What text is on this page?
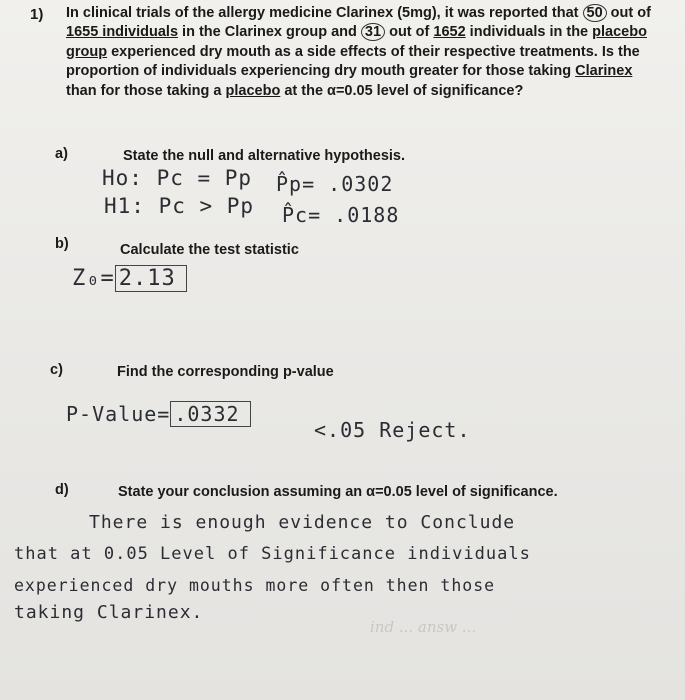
1) In clinical trials of the allergy medicine Clarinex (5mg), it was reported that 50 out of 1655 individuals in the Clarinex group and 31 out of 1652 individuals in the placebo group experienced dry mouth as a side effects of their respective treatments. Is the proportion of individuals experiencing dry mouth greater for those taking Clarinex than for those taking a placebo at the α=0.05 level of significance?
a)	State the null and alternative hypothesis.
Ho: Pc = Pp
H1: Pc > Pp
P̂p= .0302
P̂c= .0188
b)	Calculate the test statistic
Z₀= 2.13
c)	Find the corresponding p-value
P-Value= .0332
<.05 Reject.
d)	State your conclusion assuming an α=0.05 level of significance.
There is enough evidence to Conclude
that at 0.05 Level of Significance individuals
experienced dry mouths more often then those
taking Clarinex.
ind ... answ ...
